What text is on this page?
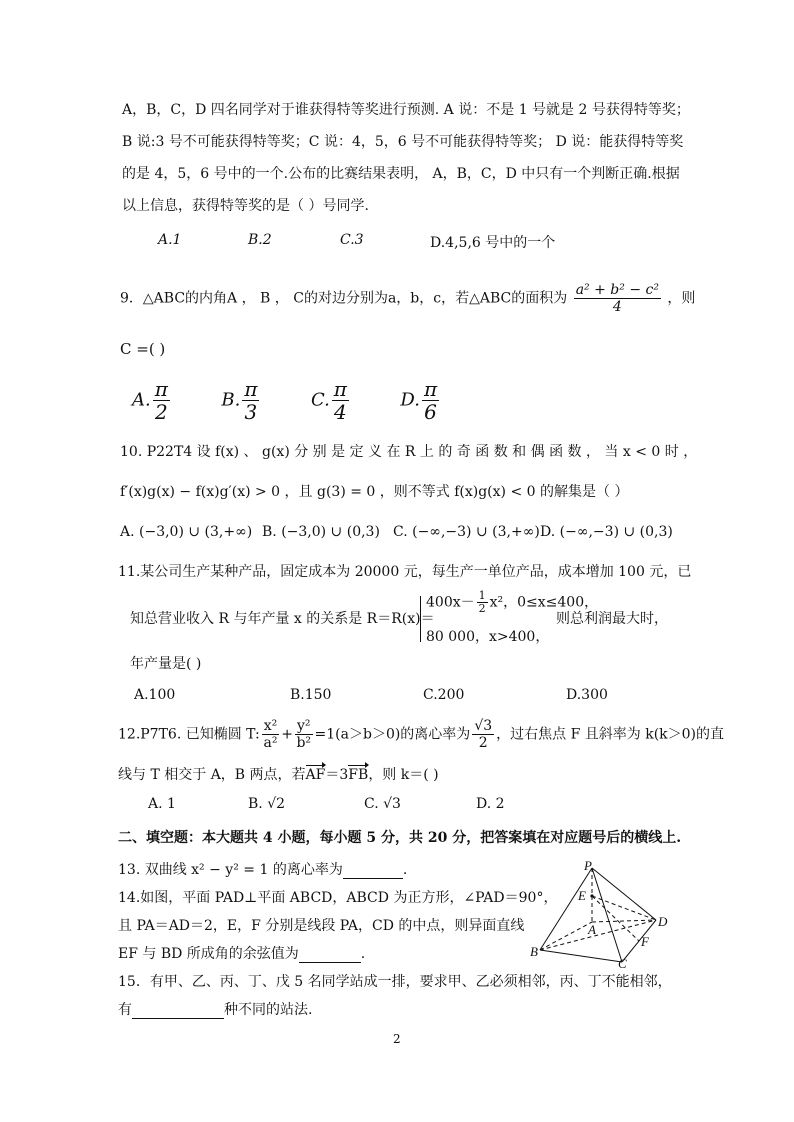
A，B，C，D 四名同学对于谁获得特等奖进行预测. A 说：不是 1 号就是 2 号获得特等奖；
B 说:3 号不可能获得特等奖；C 说：4，5，6 号不可能获得特等奖； D 说：能获得特等奖
的是 4，5，6 号中的一个.公布的比赛结果表明， A，B，C，D 中只有一个判断正确.根据
以上信息，获得特等奖的是（ ）号同学.
A.1	B.2	C.3	D.4,5,6 号中的一个
9．△ABC的内角A ， B ， C的对边分别为a，b，c，若△ABC的面积为 $\frac{\text{a² + b² − c²}}{4}$ ，则
C =( )
A. $\frac{\pi}{2}$	B. $\frac{\pi}{3}$	C. $\frac{\pi}{4}$	D. $\frac{\pi}{6}$
10. P22T4 设 f(x) 、 g(x) 分 别 是 定 义 在 R 上 的 奇 函 数 和 偶 函 数 ， 当 x < 0 时 ，
f′(x)g(x) − f(x)g′(x) > 0 ，且 g(3) = 0 ，则不等式 f(x)g(x) < 0 的解集是（ ）
A. (−3,0) ∪ (3,+∞) B. (−3,0) ∪ (0,3) C. (−∞,−3) ∪ (3,+∞) D. (−∞,−3) ∪ (0,3)
11.某公司生产某种产品，固定成本为 20000 元，每生产一单位产品，成本增加 100 元，已
知总营业收入 R 与年产量 x 的关系是 R＝R(x)＝
$400x- \frac{1}{2} x^2$，0≤x≤400，
80 000，x>400，
则总利润最大时，
年产量是( )
A.100	B.150	C.200	D.300
12.P7T6. 已知椭圆 T: $\frac{\text{x²}}{\text{a²}} + \frac{\text{y²}}{\text{b²}} =1(a>b>0)$的离心率为 $\frac{√3}{2}$ ，过右焦点 F 且斜率为 k(k＞0)的直
线与 T 相交于 A，B 两点，若AF＝3FB，则 k＝( )
A. 1	B. √2	C. √3	D. 2
二、填空题：本大题共 4 小题，每小题 5 分，共 20 分，把答案填在对应题号后的横线上.
13. 双曲线 x² − y² = 1 的离心率为	.
14.如图，平面 PAD⊥平面 ABCD，ABCD 为正方形，∠PAD＝90°，
且 PA＝AD＝2，E，F 分别是线段 PA，CD 的中点，则异面直线
EF 与 BD 所成角的余弦值为	.
P
E
A
D
F
B
C
15．有甲、乙、丙、丁、戊 5 名同学站成一排，要求甲、乙必须相邻，丙、丁不能相邻，
有	种不同的站法.
2
